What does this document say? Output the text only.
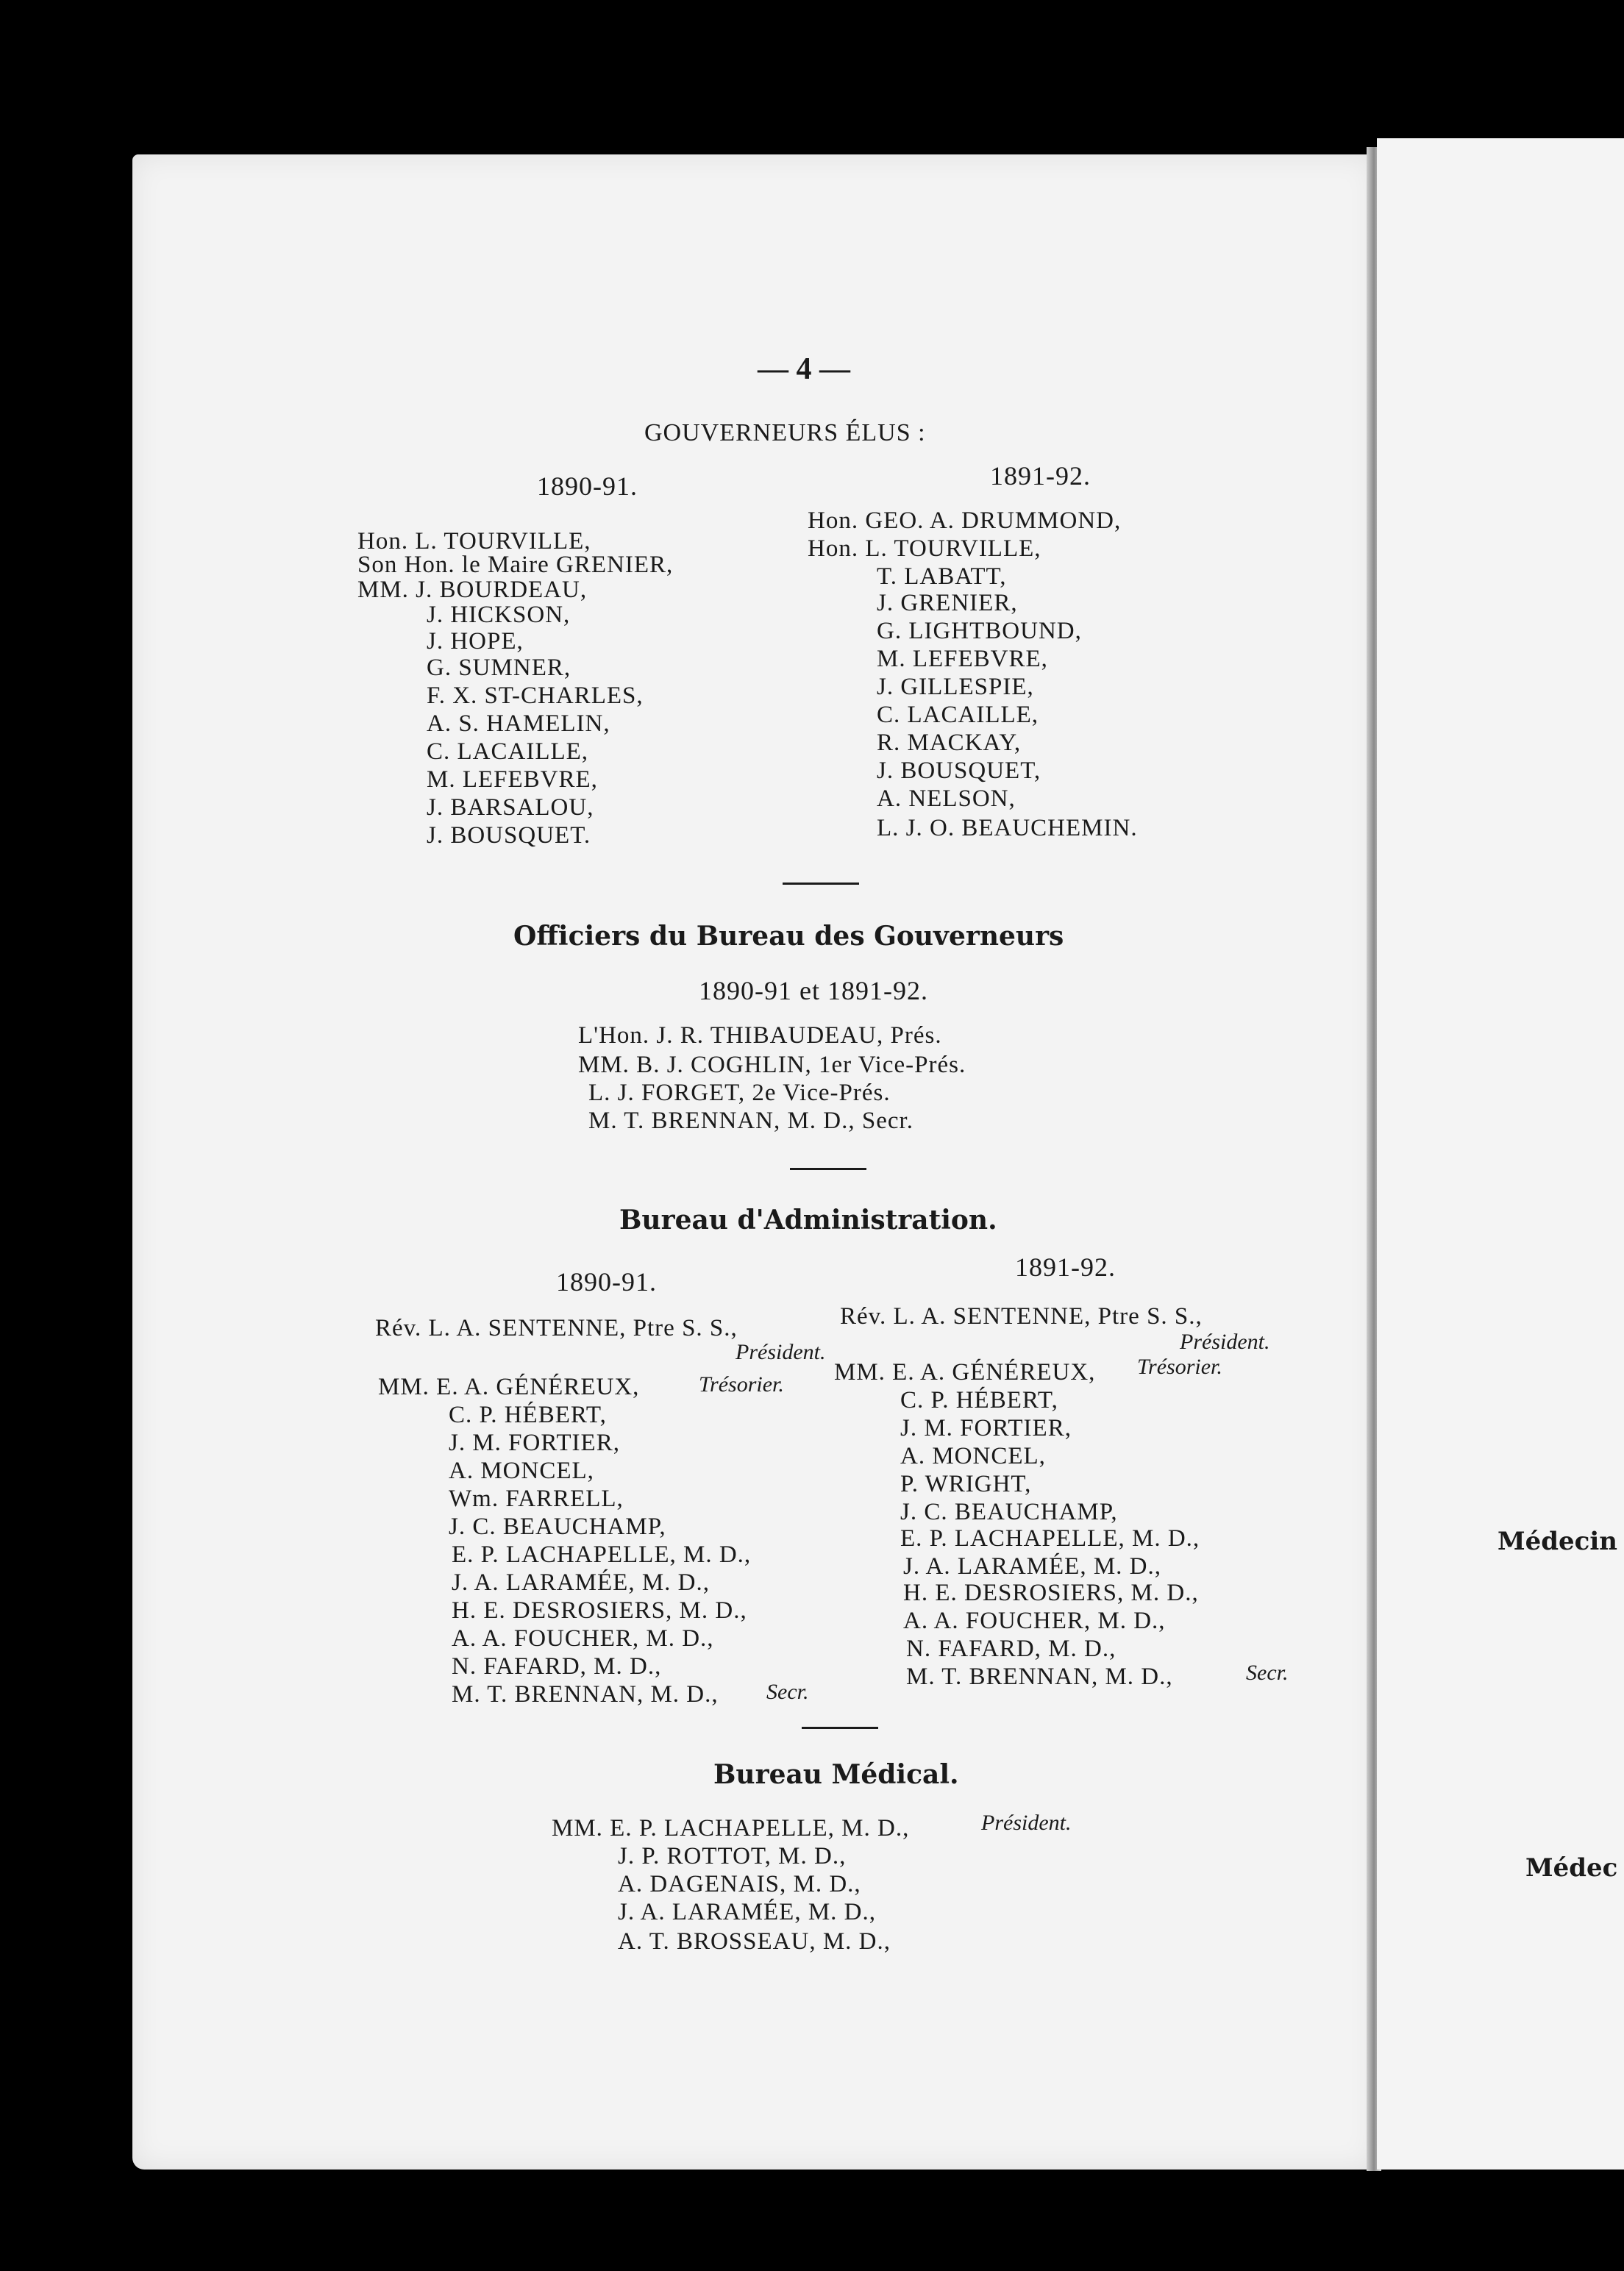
— 4 —
GOUVERNEURS ÉLUS :
1890-91.	1891-92.
Hon. L. TOURVILLE,
Son Hon. le Maire GRENIER,
MM. J. BOURDEAU,
J. HICKSON,
J. HOPE,
G. SUMNER,
F. X. ST-CHARLES,
A. S. HAMELIN,
C. LACAILLE,
M. LEFEBVRE,
J. BARSALOU,
J. BOUSQUET.
Hon. GEO. A. DRUMMOND,
Hon. L. TOURVILLE,
T. LABATT,
J. GRENIER,
G. LIGHTBOUND,
M. LEFEBVRE,
J. GILLESPIE,
C. LACAILLE,
R. MACKAY,
J. BOUSQUET,
A. NELSON,
L. J. O. BEAUCHEMIN.
Officiers du Bureau des Gouverneurs
1890-91 et 1891-92.
L'Hon. J. R. THIBAUDEAU, Prés.
MM. B. J. COGHLIN, 1er Vice-Prés.
L. J. FORGET, 2e Vice-Prés.
M. T. BRENNAN, M. D., Secr.
Bureau d'Administration.
1890-91.	1891-92.
Rév. L. A. SENTENNE, Ptre S. S.,
Président.
MM. E. A. GÉNÉREUX,	Trésorier.
C. P. HÉBERT,
J. M. FORTIER,
A. MONCEL,
Wm. FARRELL,
J. C. BEAUCHAMP,
E. P. LACHAPELLE, M. D.,
J. A. LARAMÉE, M. D.,
H. E. DESROSIERS, M. D.,
A. A. FOUCHER, M. D.,
N. FAFARD, M. D.,
M. T. BRENNAN, M. D., Secr.
Rév. L. A. SENTENNE, Ptre S. S.,
Président.
MM. E. A. GÉNÉREUX, Trésorier.
C. P. HÉBERT,
J. M. FORTIER,
A. MONCEL,
P. WRIGHT,
J. C. BEAUCHAMP,
E. P. LACHAPELLE, M. D.,
J. A. LARAMÉE, M. D.,
H. E. DESROSIERS, M. D.,
A. A. FOUCHER, M. D.,
N. FAFARD, M. D.,
M. T. BRENNAN, M. D.,	Secr.
Bureau Médical.
MM. E. P. LACHAPELLE, M. D.,	Président.
J. P. ROTTOT, M. D.,
A. DAGENAIS, M. D.,
J. A. LARAMÉE, M. D.,
A. T. BROSSEAU, M. D.,
Médecin
Médec
